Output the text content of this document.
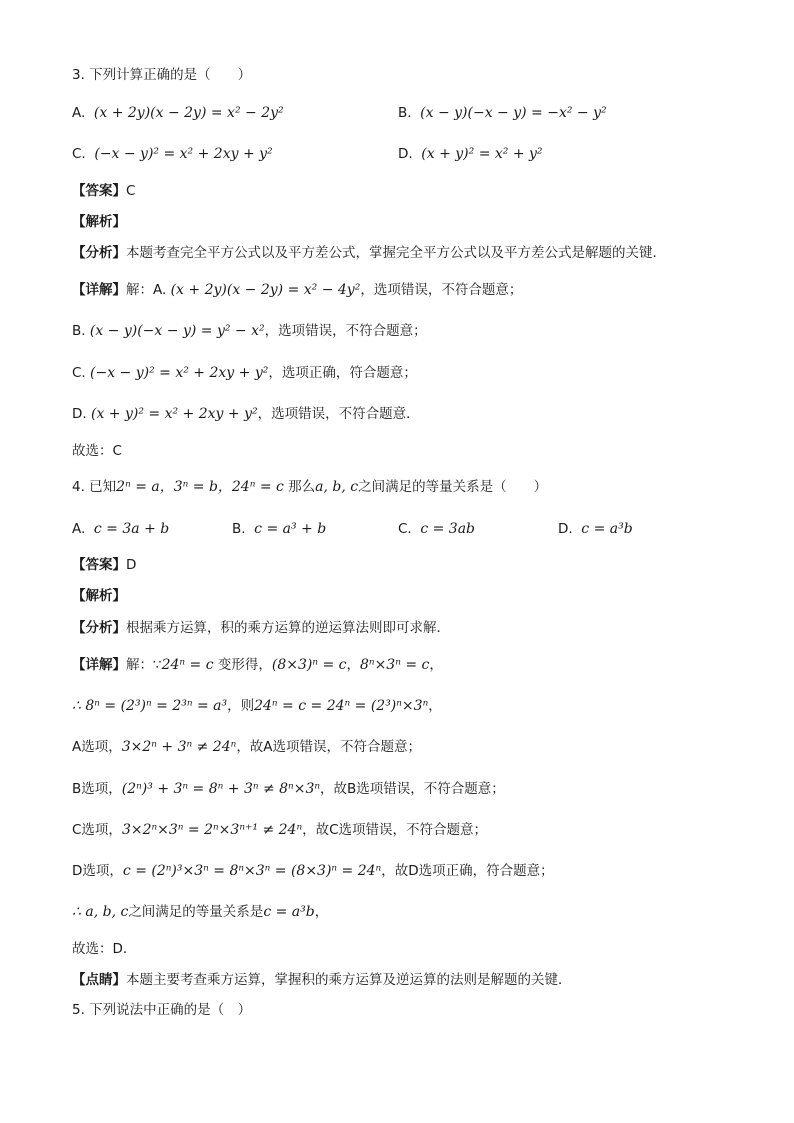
3. 下列计算正确的是（　　）
A. (x + 2y)(x − 2y) = x² − 2y²	B. (x − y)(−x − y) = −x² − y²
C. (−x − y)² = x² + 2xy + y²	D. (x + y)² = x² + y²
【答案】C
【解析】
【分析】本题考查完全平方公式以及平方差公式，掌握完全平方公式以及平方差公式是解题的关键．
【详解】解：A. (x + 2y)(x − 2y) = x² − 4y²，选项错误，不符合题意；
B. (x − y)(−x − y) = y² − x²，选项错误，不符合题意；
C. (−x − y)² = x² + 2xy + y²，选项正确，符合题意；
D. (x + y)² = x² + 2xy + y²，选项错误，不符合题意．
故选：C
4. 已知2ⁿ = a，3ⁿ = b，24ⁿ = c 那么a, b, c之间满足的等量关系是（　　）
A. c = 3a + b	B. c = a³ + b	C. c = 3ab	D. c = a³b
【答案】D
【解析】
【分析】根据乘方运算，积的乘方运算的逆运算法则即可求解．
【详解】解：∵24ⁿ = c 变形得，(8×3)ⁿ = c，8ⁿ×3ⁿ = c，
∴ 8ⁿ = (2³)ⁿ = 2³ⁿ = a³，则24ⁿ = c = 24ⁿ = (2³)ⁿ×3ⁿ，
A选项，3×2ⁿ + 3ⁿ ≠ 24ⁿ，故A选项错误，不符合题意；
B选项，(2ⁿ)³ + 3ⁿ = 8ⁿ + 3ⁿ ≠ 8ⁿ×3ⁿ，故B选项错误，不符合题意；
C选项，3×2ⁿ×3ⁿ = 2ⁿ×3ⁿ⁺¹ ≠ 24ⁿ，故C选项错误，不符合题意；
D选项，c = (2ⁿ)³×3ⁿ = 8ⁿ×3ⁿ = (8×3)ⁿ = 24ⁿ，故D选项正确，符合题意；
∴ a, b, c之间满足的等量关系是c = a³b，
故选：D．
【点睛】本题主要考查乘方运算，掌握积的乘方运算及逆运算的法则是解题的关键．
5. 下列说法中正确的是（　）
